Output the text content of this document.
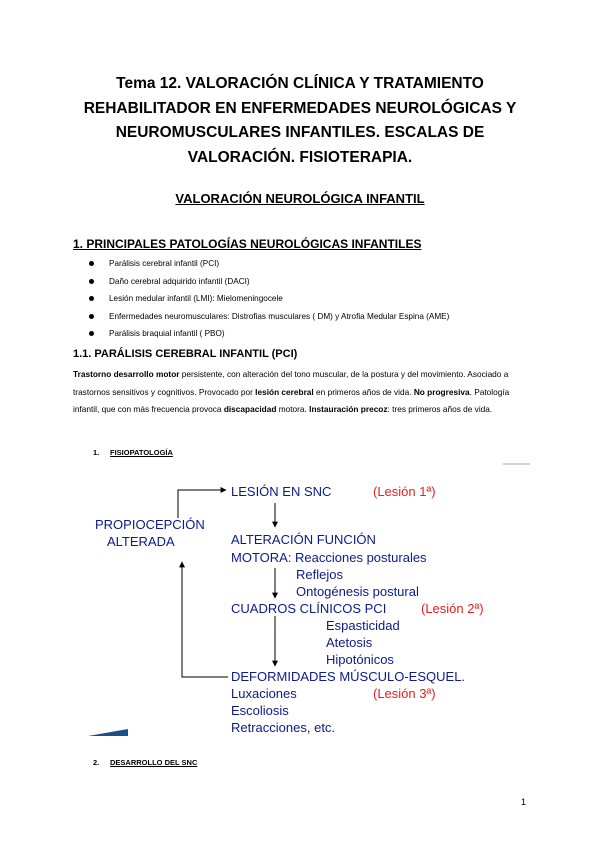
Tema 12. VALORACIÓN CLÍNICA Y TRATAMIENTO REHABILITADOR EN ENFERMEDADES NEUROLÓGICAS Y NEUROMUSCULARES INFANTILES. ESCALAS DE VALORACIÓN. FISIOTERAPIA.
VALORACIÓN NEUROLÓGICA INFANTIL
1. PRINCIPALES PATOLOGÍAS NEUROLÓGICAS INFANTILES
Parálisis cerebral infantil (PCI)
Daño cerebral adquirido infantil (DACI)
Lesión medular infantil (LMI): Mielomeningocele
Enfermedades neuromusculares: Distrofias musculares ( DM) y Atrofia Medular Espina (AME)
Parálisis braquial infantil ( PBO)
1.1. PARÁLISIS CEREBRAL INFANTIL (PCI)
Trastorno desarrollo motor persistente, con alteración del tono muscular, de la postura y del movimiento. Asociado a trastornos sensitivos y cognitivos. Provocado por lesión cerebral en primeros años de vida. No progresiva. Patología infantil, que con más frecuencia provoca discapacidad motora. Instauración precoz: tres primeros años de vida.
1. FISIOPATOLOGÍA
PROPIOCEPCIÓN
ALTERADA
LESIÓN EN SNC	(Lesión 1ª)
ALTERACIÓN FUNCIÓN
MOTORA: Reacciones posturales
Reflejos
Ontogénesis postural
CUADROS CLÍNICOS PCI	(Lesión 2ª)
Espasticidad
Atetosis
Hipotónicos
DEFORMIDADES MÚSCULO-ESQUEL.
Luxaciones	(Lesión 3ª)
Escoliosis
Retracciones, etc.
2. DESARROLLO DEL SNC
1
